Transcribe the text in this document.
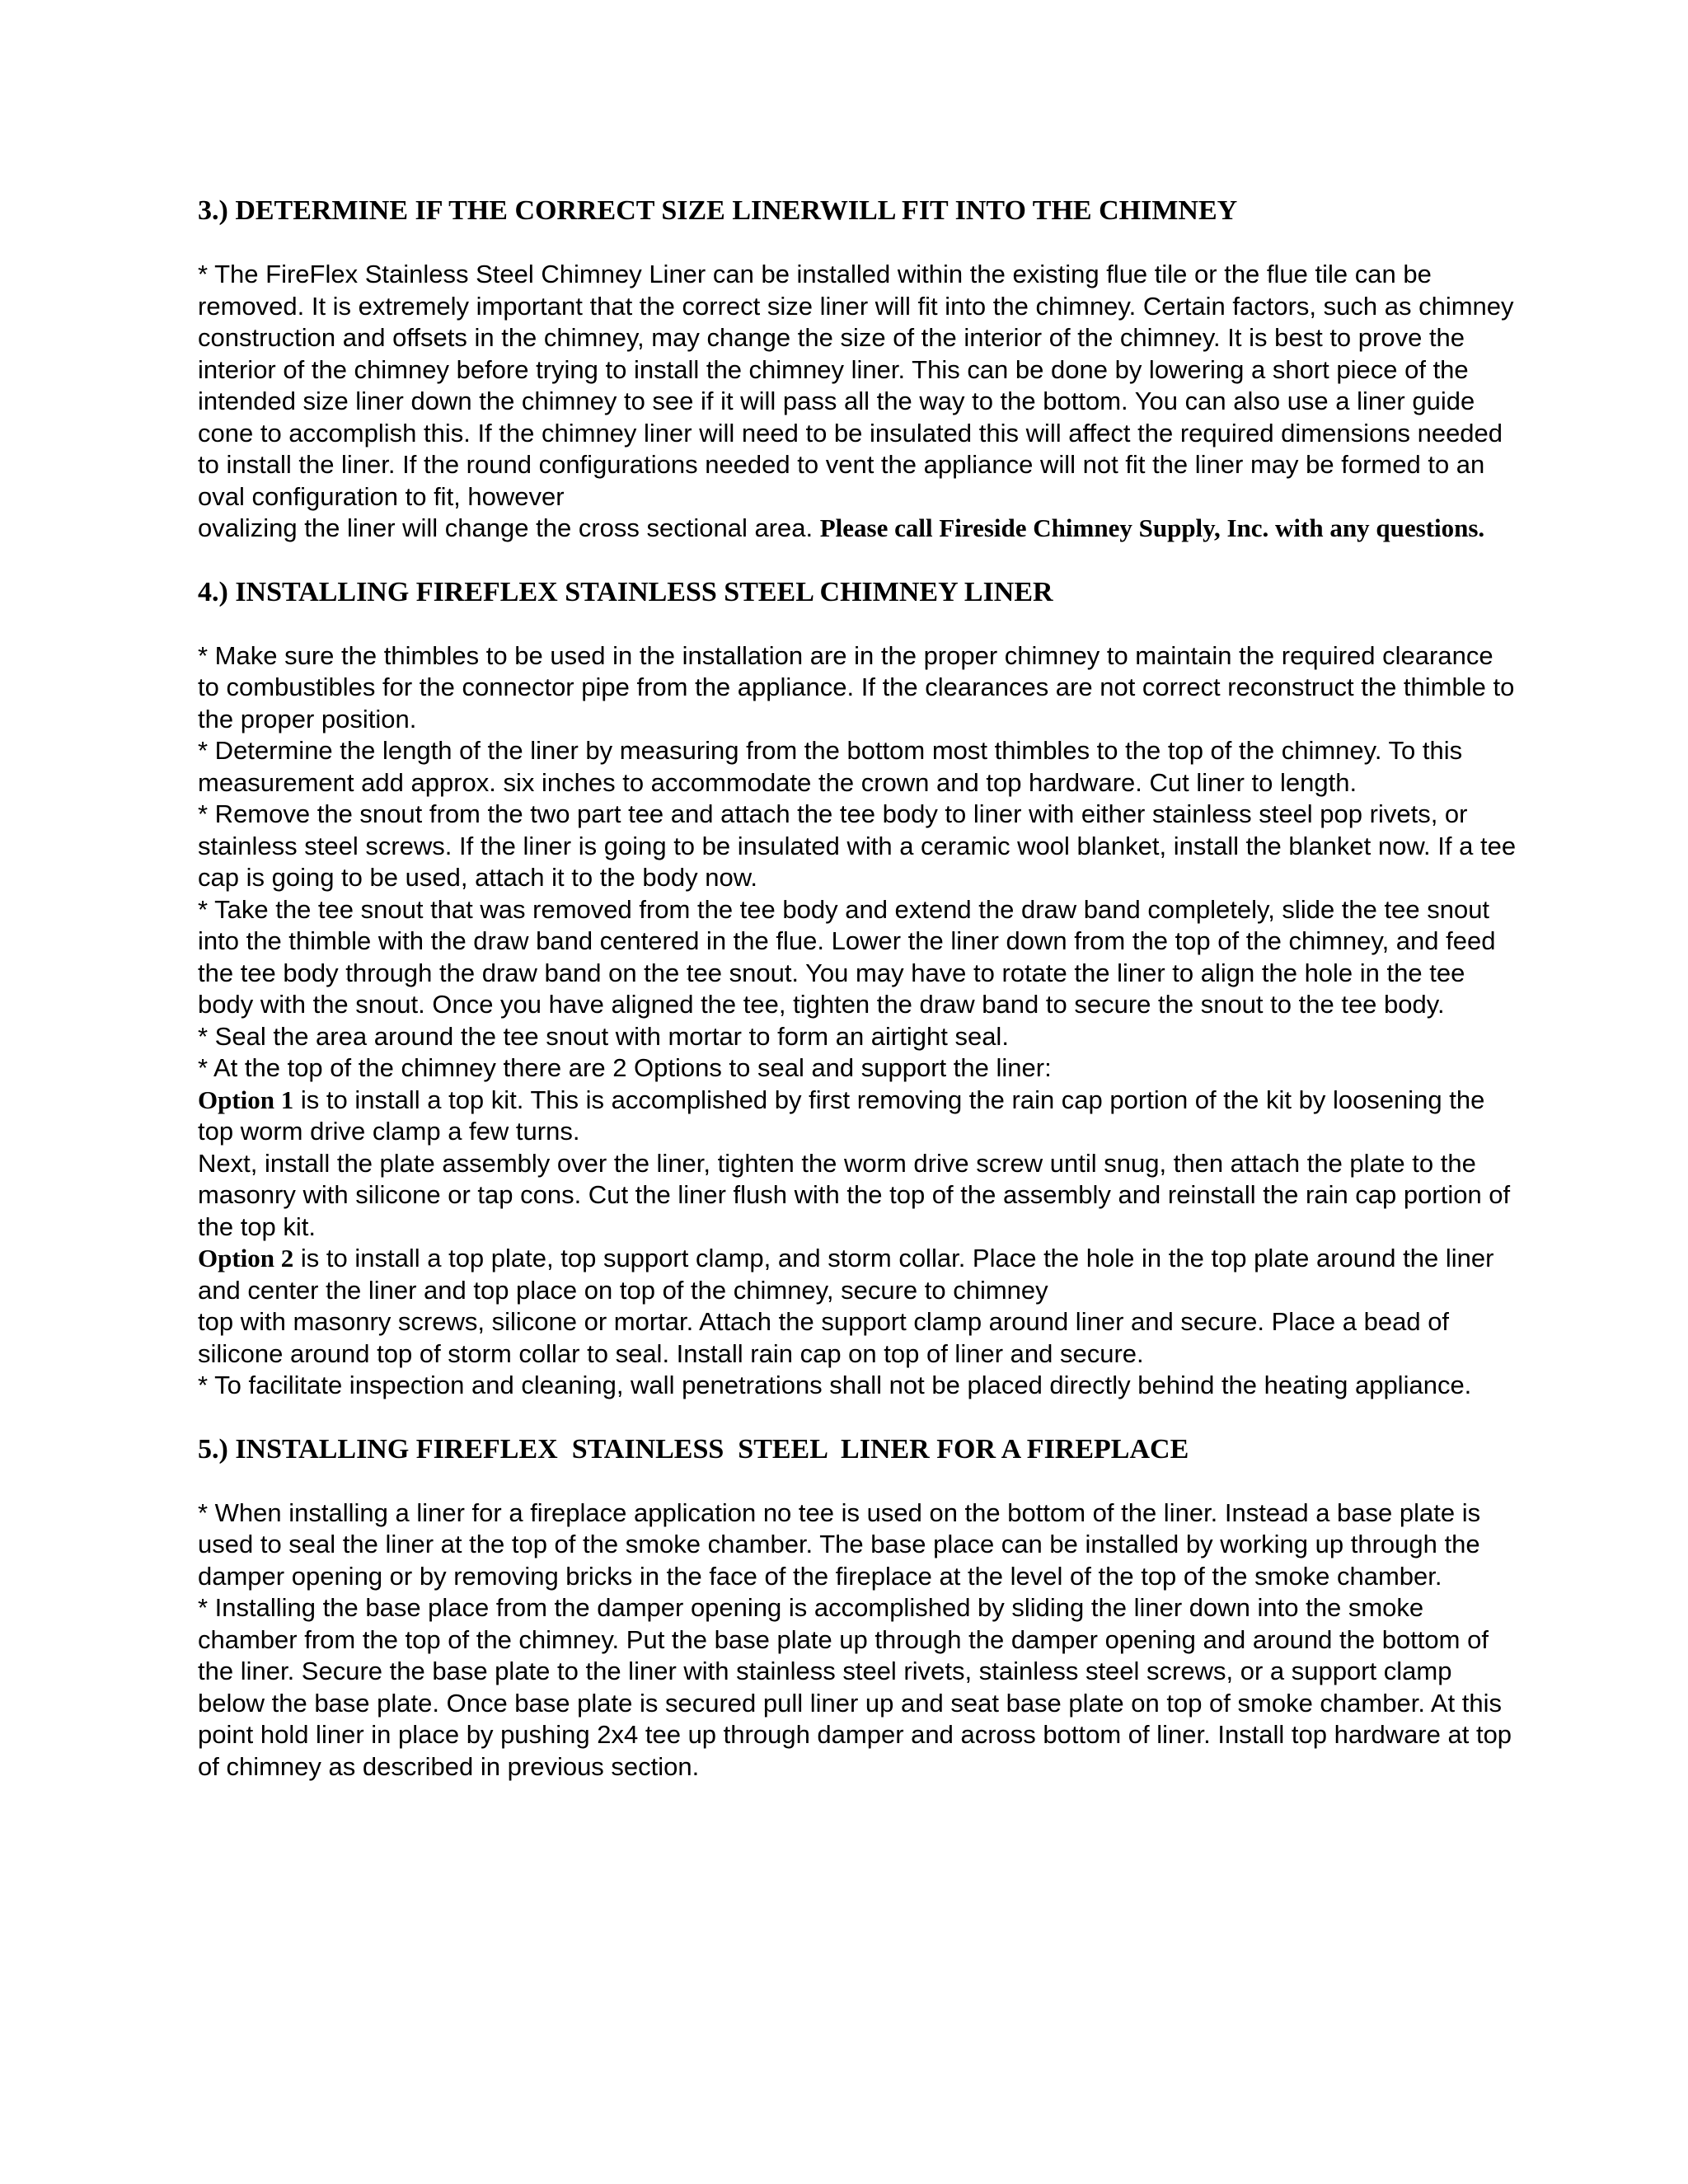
3.) DETERMINE IF THE CORRECT SIZE LINERWILL FIT INTO THE CHIMNEY

* The FireFlex Stainless Steel Chimney Liner can be installed within the existing flue tile or the flue tile can be removed. It is extremely important that the correct size liner will fit into the chimney. Certain factors, such as chimney construction and offsets in the chimney, may change the size of the interior of the chimney. It is best to prove the interior of the chimney before trying to install the chimney liner. This can be done by lowering a short piece of the intended size liner down the chimney to see if it will pass all the way to the bottom. You can also use a liner guide cone to accomplish this. If the chimney liner will need to be insulated this will affect the required dimensions needed to install the liner. If the round configurations needed to vent the appliance will not fit the liner may be formed to an oval configuration to fit, however

ovalizing the liner will change the cross sectional area. Please call Fireside Chimney Supply, Inc. with any questions.

4.) INSTALLING FIREFLEX STAINLESS STEEL CHIMNEY LINER

* Make sure the thimbles to be used in the installation are in the proper chimney to maintain the required clearance to combustibles for the connector pipe from the appliance. If the clearances are not correct reconstruct the thimble to the proper position.

* Determine the length of the liner by measuring from the bottom most thimbles to the top of the chimney. To this measurement add approx. six inches to accommodate the crown and top hardware. Cut liner to length.

* Remove the snout from the two part tee and attach the tee body to liner with either stainless steel pop rivets, or stainless steel screws. If the liner is going to be insulated with a ceramic wool blanket, install the blanket now. If a tee cap is going to be used, attach it to the body now.

* Take the tee snout that was removed from the tee body and extend the draw band completely, slide the tee snout into the thimble with the draw band centered in the flue. Lower the liner down from the top of the chimney, and feed the tee body through the draw band on the tee snout. You may have to rotate the liner to align the hole in the tee body with the snout. Once you have aligned the tee, tighten the draw band to secure the snout to the tee body.

* Seal the area around the tee snout with mortar to form an airtight seal.

* At the top of the chimney there are 2 Options to seal and support the liner:

Option 1 is to install a top kit. This is accomplished by first removing the rain cap portion of the kit by loosening the top worm drive clamp a few turns.

Next, install the plate assembly over the liner, tighten the worm drive screw until snug, then attach the plate to the masonry with silicone or tap cons. Cut the liner flush with the top of the assembly and reinstall the rain cap portion of the top kit.

Option 2 is to install a top plate, top support clamp, and storm collar. Place the hole in the top plate around the liner and center the liner and top place on top of the chimney, secure to chimney

top with masonry screws, silicone or mortar. Attach the support clamp around liner and secure. Place a bead of silicone around top of storm collar to seal. Install rain cap on top of liner and secure.

* To facilitate inspection and cleaning, wall penetrations shall not be placed directly behind the heating appliance.

5.) INSTALLING FIREFLEX  STAINLESS  STEEL  LINER FOR A FIREPLACE

* When installing a liner for a fireplace application no tee is used on the bottom of the liner. Instead a base plate is used to seal the liner at the top of the smoke chamber. The base place can be installed by working up through the damper opening or by removing bricks in the face of the fireplace at the level of the top of the smoke chamber.

* Installing the base place from the damper opening is accomplished by sliding the liner down into the smoke chamber from the top of the chimney. Put the base plate up through the damper opening and around the bottom of the liner. Secure the base plate to the liner with stainless steel rivets, stainless steel screws, or a support clamp below the base plate. Once base plate is secured pull liner up and seat base plate on top of smoke chamber. At this point hold liner in place by pushing 2x4 tee up through damper and across bottom of liner. Install top hardware at top of chimney as described in previous section.
